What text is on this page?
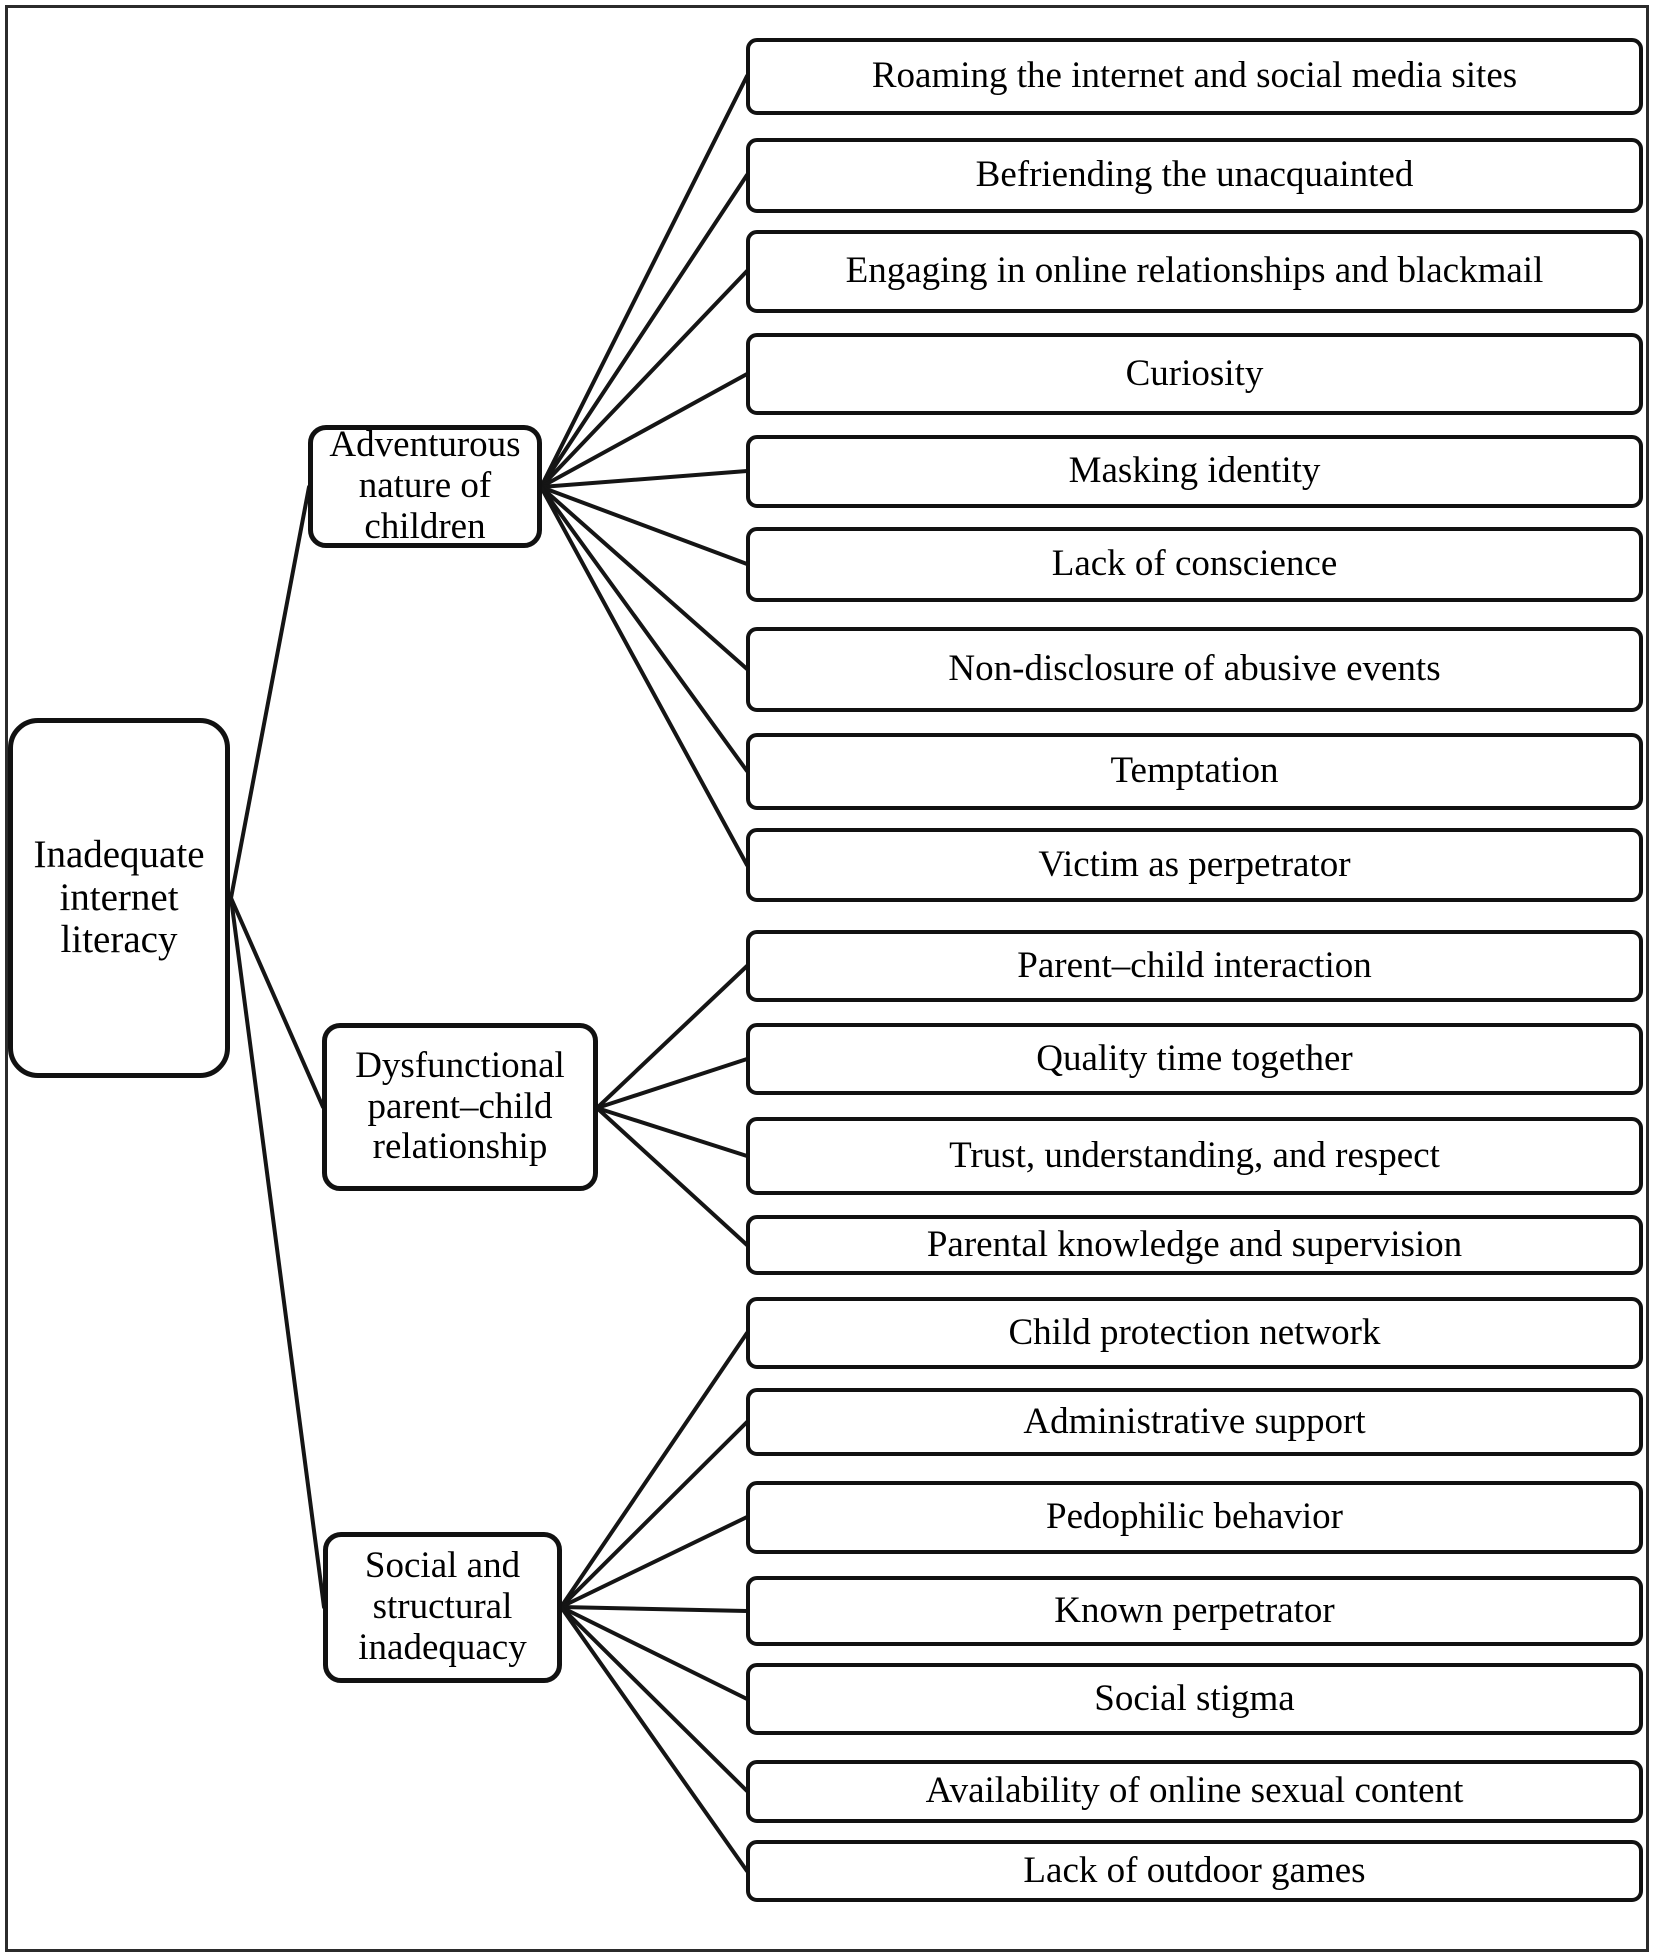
Inadequate internet literacy
Adventurous nature of children
Dysfunctional parent–child relationship
Social and structural inadequacy
Roaming the internet and social media sites
Befriending the unacquainted
Engaging in online relationships and blackmail
Curiosity
Masking identity
Lack of conscience
Non-disclosure of abusive events
Temptation
Victim as perpetrator
Parent–child interaction
Quality time together
Trust, understanding, and respect
Parental knowledge and supervision
Child protection network
Administrative support
Pedophilic behavior
Known perpetrator
Social stigma
Availability of online sexual content
Lack of outdoor games
